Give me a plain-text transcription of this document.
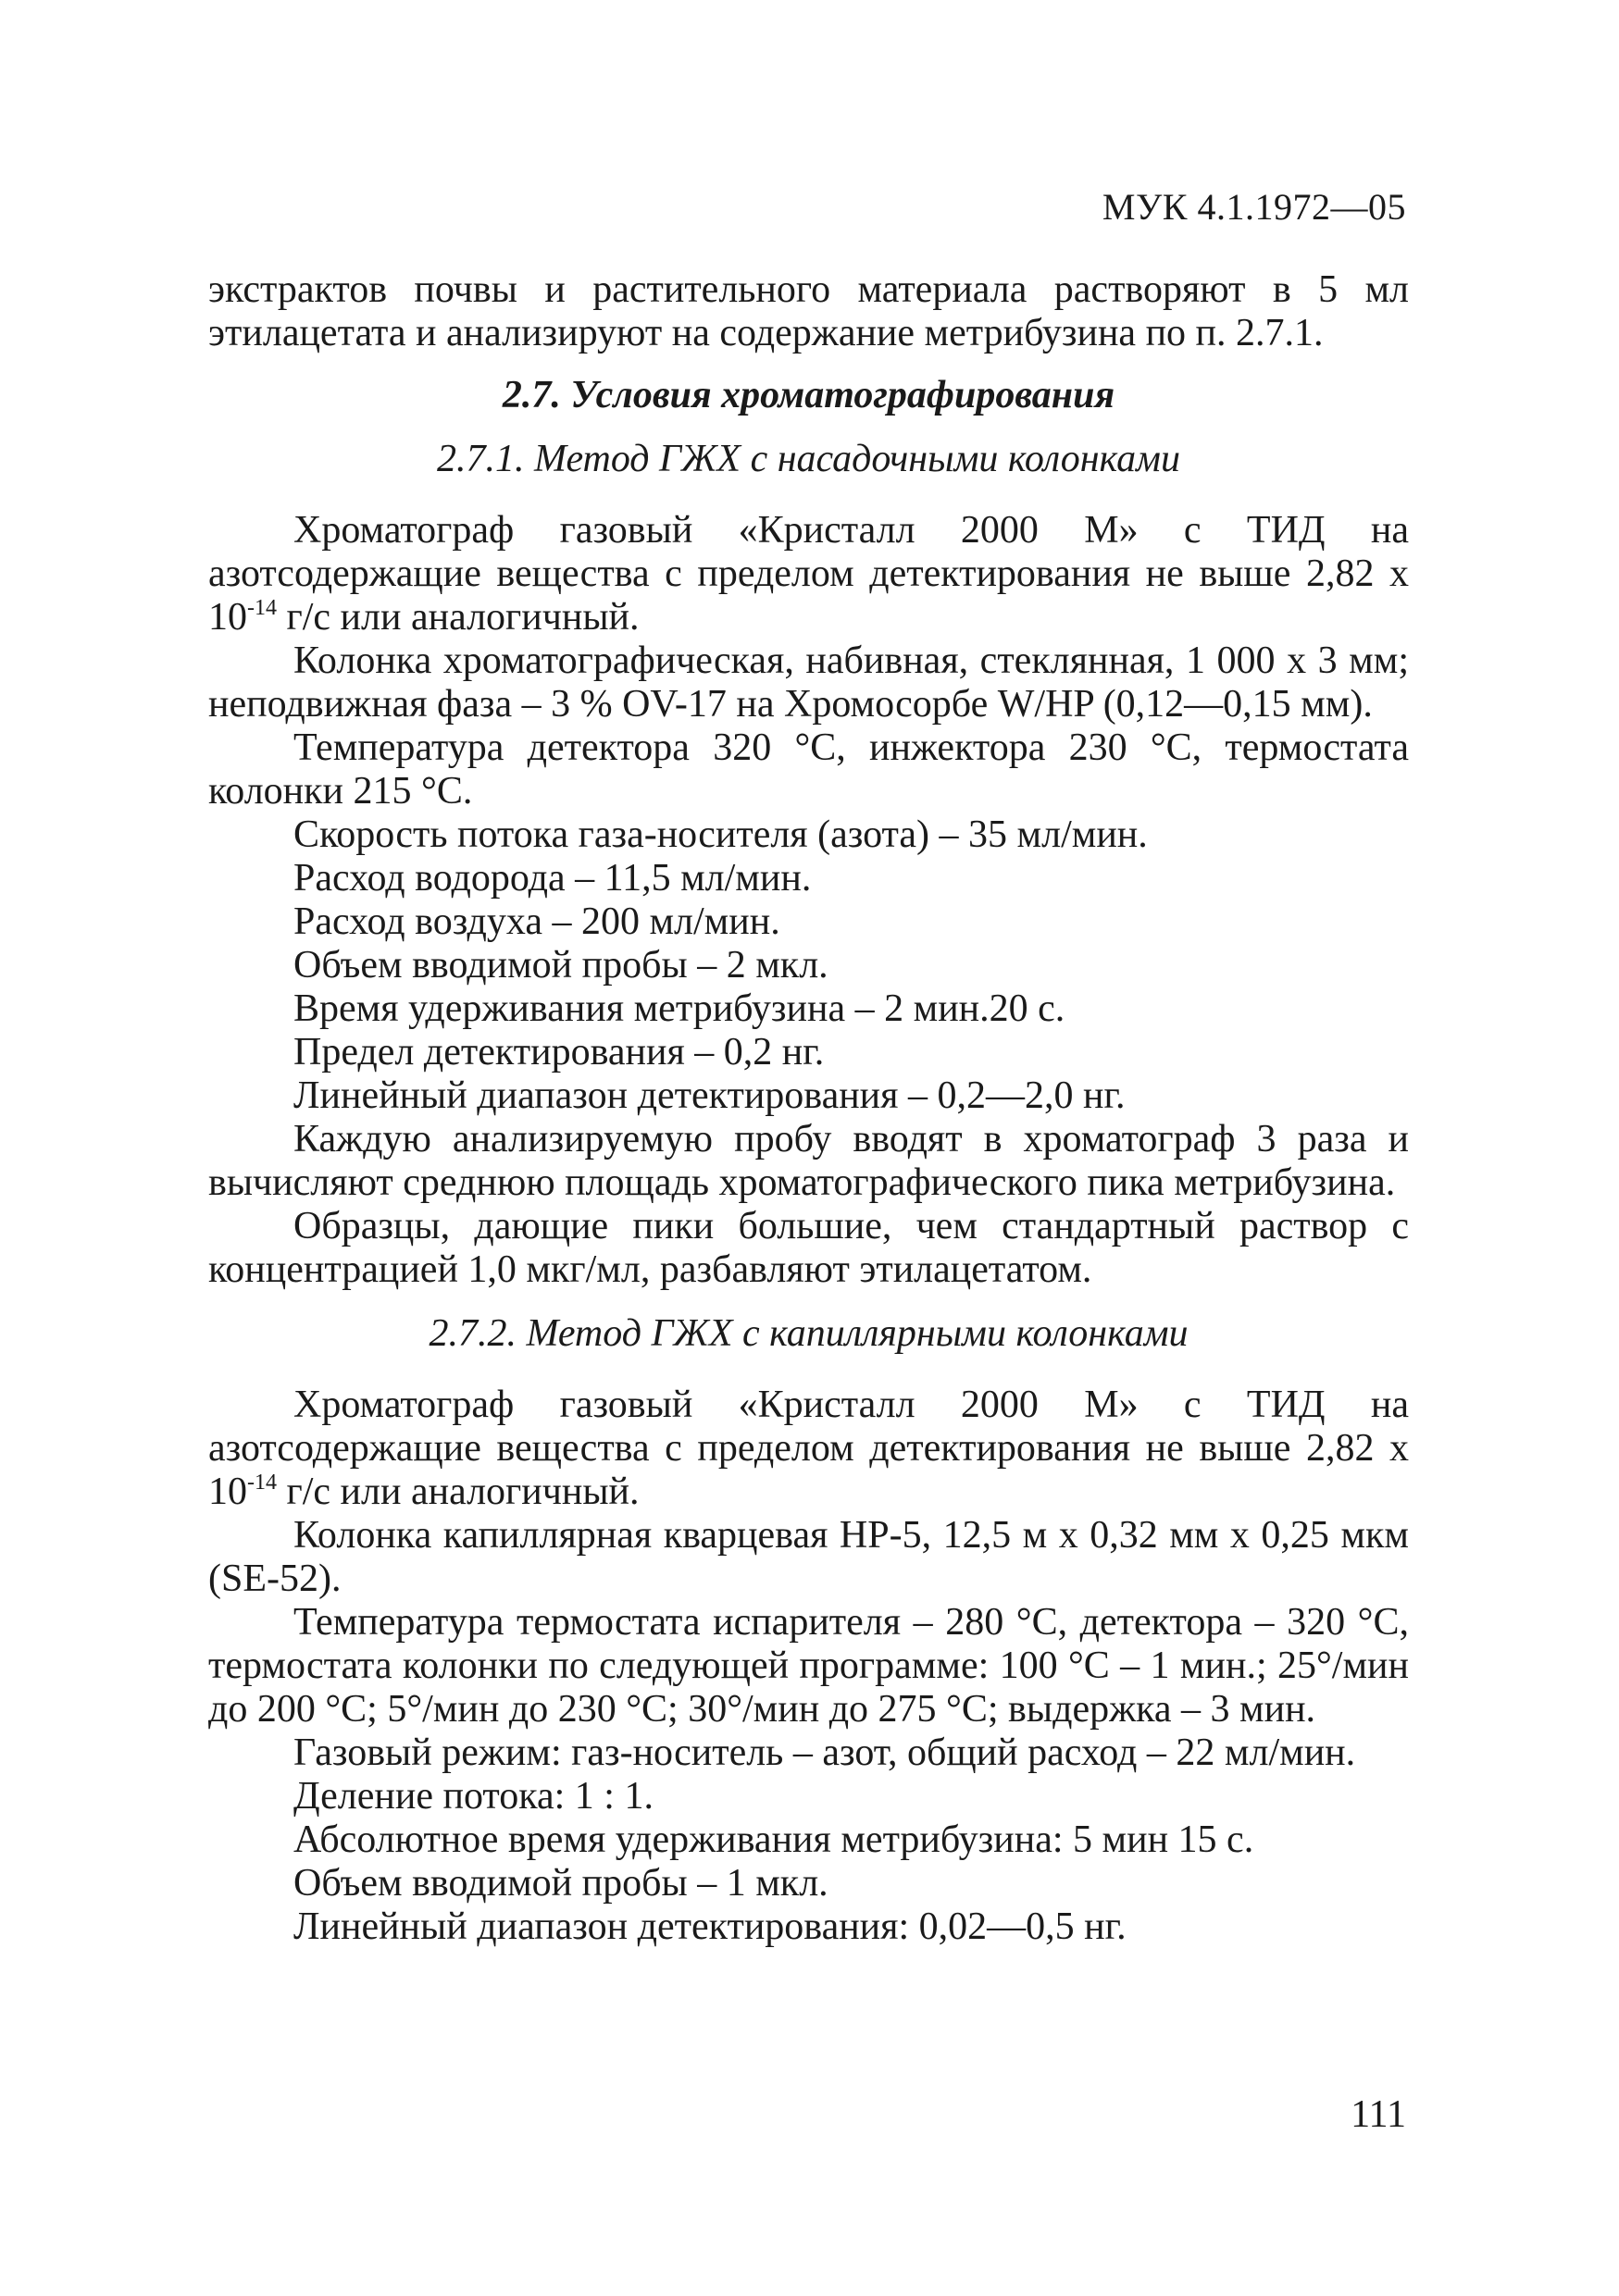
МУК 4.1.1972—05

экстрактов почвы и растительного материала растворяют в 5 мл этилацетата и анализируют на содержание метрибузина по п. 2.7.1.

2.7. Условия хроматографирования
2.7.1. Метод ГЖХ с насадочными колонками

Хроматограф газовый «Кристалл 2000 М» с ТИД на азотсодержащие вещества с пределом детектирования не выше 2,82 x $10^{-14}$ г/с или аналогичный.

Колонка хроматографическая, набивная, стеклянная, 1 000 x 3 мм; неподвижная фаза – 3 % OV-17 на Хромосорбе W/HP (0,12—0,15 мм).

Температура детектора 320 °С, инжектора 230 °С, термостата колонки 215 °С.

Скорость потока газа-носителя (азота) – 35 мл/мин.

Расход водорода – 11,5 мл/мин.

Расход воздуха – 200 мл/мин.

Объем вводимой пробы – 2 мкл.

Время удерживания метрибузина – 2 мин.20 с.

Предел детектирования – 0,2 нг.

Линейный диапазон детектирования – 0,2—2,0 нг.

Каждую анализируемую пробу вводят в хроматограф 3 раза и вычисляют среднюю площадь хроматографического пика метрибузина.

Образцы, дающие пики большие, чем стандартный раствор с концентрацией 1,0 мкг/мл, разбавляют этилацетатом.

2.7.2. Метод ГЖХ с капиллярными колонками

Хроматограф газовый «Кристалл 2000 М» с ТИД на азотсодержащие вещества с пределом детектирования не выше 2,82 x $10^{-14}$ г/с или аналогичный.

Колонка капиллярная кварцевая HP-5, 12,5 м x 0,32 мм x 0,25 мкм (SE-52).

Температура термостата испарителя – 280 °С, детектора – 320 °С, термостата колонки по следующей программе: 100 °С – 1 мин.; 25°/мин до 200 °С; 5°/мин до 230 °С; 30°/мин до 275 °С; выдержка – 3 мин.

Газовый режим: газ-носитель – азот, общий расход – 22 мл/мин.

Деление потока: 1 : 1.

Абсолютное время удерживания метрибузина: 5 мин 15 с.

Объем вводимой пробы – 1 мкл.

Линейный диапазон детектирования: 0,02—0,5 нг.

111
